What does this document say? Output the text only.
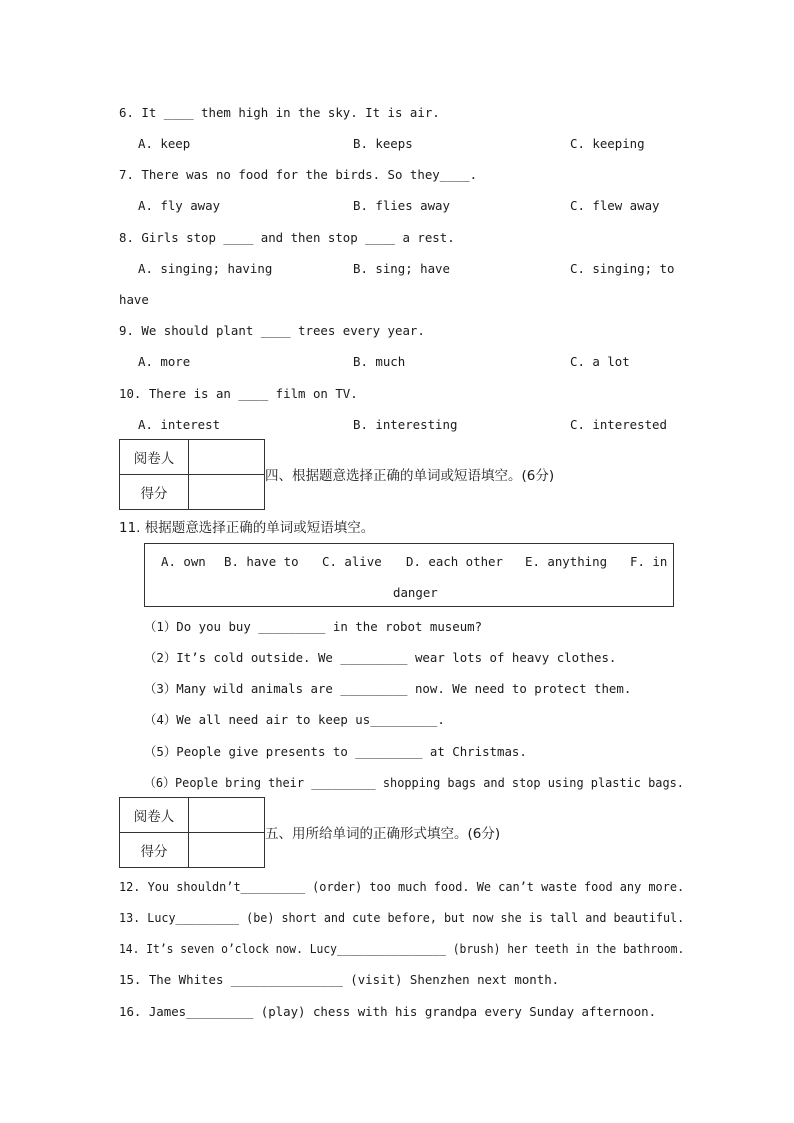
6. It ____ them high in the sky. It is air.
A. keep	B. keeps	C. keeping
7. There was no food for the birds. So they____.
A. fly away	B. flies away	C. flew away
8. Girls stop ____ and then stop ____ a rest.
A. singing; having	B. sing; have	C. singing; to
have
9. We should plant ____ trees every year.
A. more	B. much	C. a lot
10. There is an ____ film on TV.
A. interest	B. interesting	C. interested
阅卷人	
得分	
四、根据题意选择正确的单词或短语填空。(6分)
11. 根据题意选择正确的单词或短语填空。
A. own B. have to C. alive D. each other E. anything F. in
danger
（1）Do you buy _________ in the robot museum?
（2）It’s cold outside. We _________ wear lots of heavy clothes.
（3）Many wild animals are _________ now. We need to protect them.
（4）We all need air to keep us_________.
（5）People give presents to _________ at Christmas.
（6）People bring their _________ shopping bags and stop using plastic bags.
阅卷人	
得分	
五、用所给单词的正确形式填空。(6分)
12. You shouldn’t_________ (order) too much food. We can’t waste food any more.
13. Lucy_________ (be) short and cute before, but now she is tall and beautiful.
14. It’s seven o’clock now. Lucy________________ (brush) her teeth in the bathroom.
15. The Whites _______________ (visit) Shenzhen next month.
16. James_________ (play) chess with his grandpa every Sunday afternoon.
